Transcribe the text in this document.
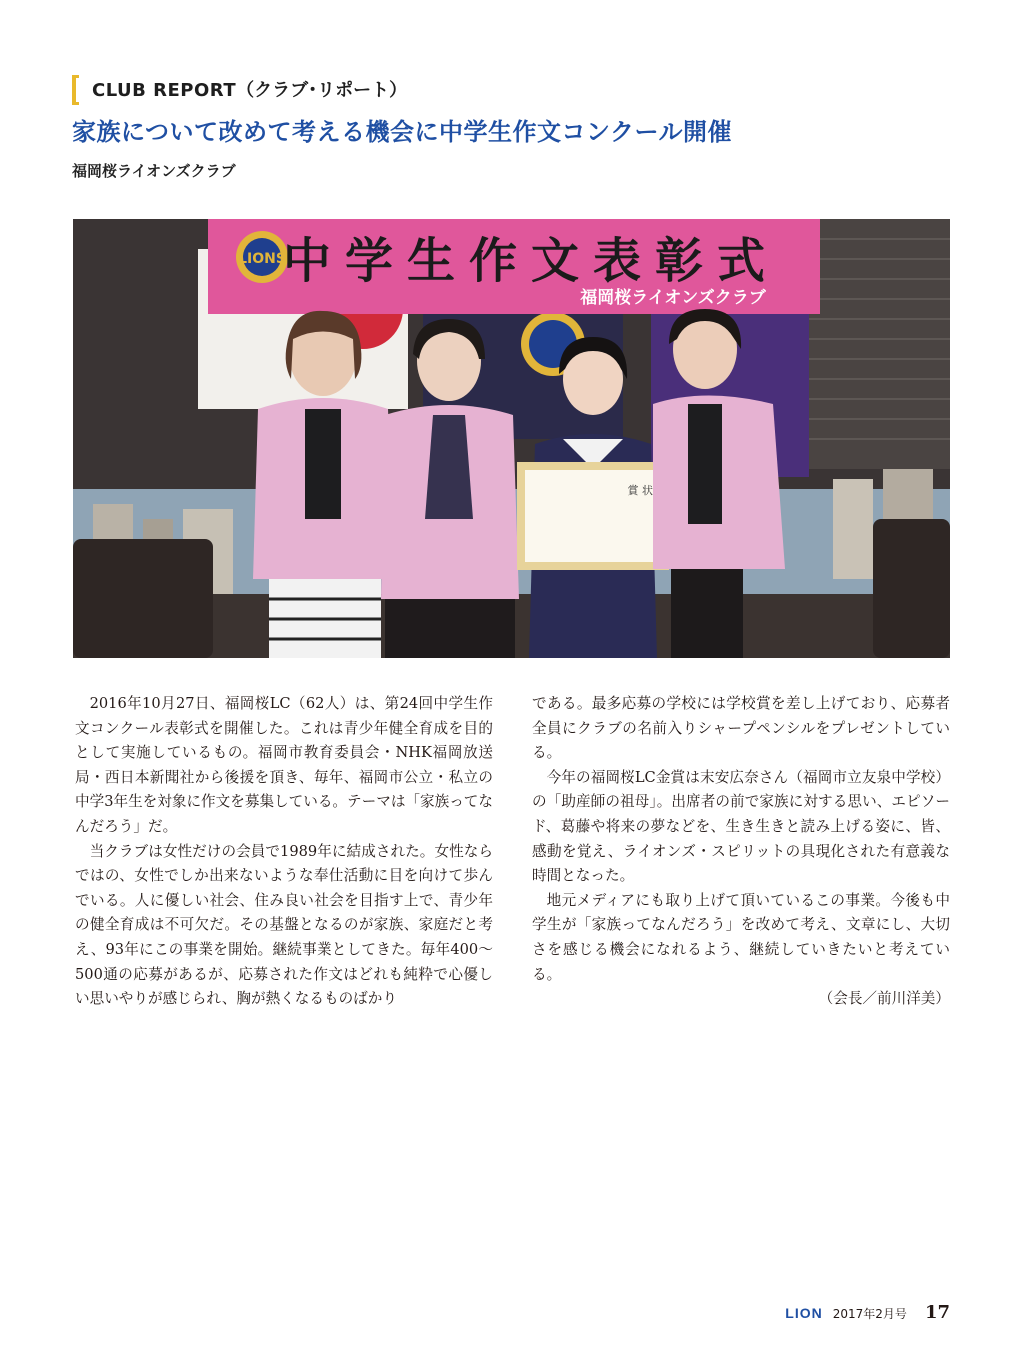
CLUB REPORT（クラブ･リポート）
家族について改めて考える機会に中学生作文コンクール開催
福岡桜ライオンズクラブ
LIONS
中学生作文表彰式
福岡桜ライオンズクラブ
賞 状

2016年10月27日、福岡桜LC（62人）は、第24回中学生作文コンクール表彰式を開催した。これは青少年健全育成を目的として実施しているもの。福岡市教育委員会・NHK福岡放送局・西日本新聞社から後援を頂き、毎年、福岡市公立・私立の中学3年生を対象に作文を募集している。テーマは「家族ってなんだろう」だ。

当クラブは女性だけの会員で1989年に結成された。女性ならではの、女性でしか出来ないような奉仕活動に目を向けて歩んでいる。人に優しい社会、住み良い社会を目指す上で、青少年の健全育成は不可欠だ。その基盤となるのが家族、家庭だと考え、93年にこの事業を開始。継続事業としてきた。毎年400～500通の応募があるが、応募された作文はどれも純粋で心優しい思いやりが感じられ、胸が熱くなるものばかり

である。最多応募の学校には学校賞を差し上げており、応募者全員にクラブの名前入りシャープペンシルをプレゼントしている。

今年の福岡桜LC金賞は末安広奈さん（福岡市立友泉中学校）の「助産師の祖母」。出席者の前で家族に対する思い、エピソード、葛藤や将来の夢などを、生き生きと読み上げる姿に、皆、感動を覚え、ライオンズ・スピリットの具現化された有意義な時間となった。

地元メディアにも取り上げて頂いているこの事業。今後も中学生が「家族ってなんだろう」を改めて考え、文章にし、大切さを感じる機会になれるよう、継続していきたいと考えている。

（会長／前川洋美）
LION 2017年2月号 17
